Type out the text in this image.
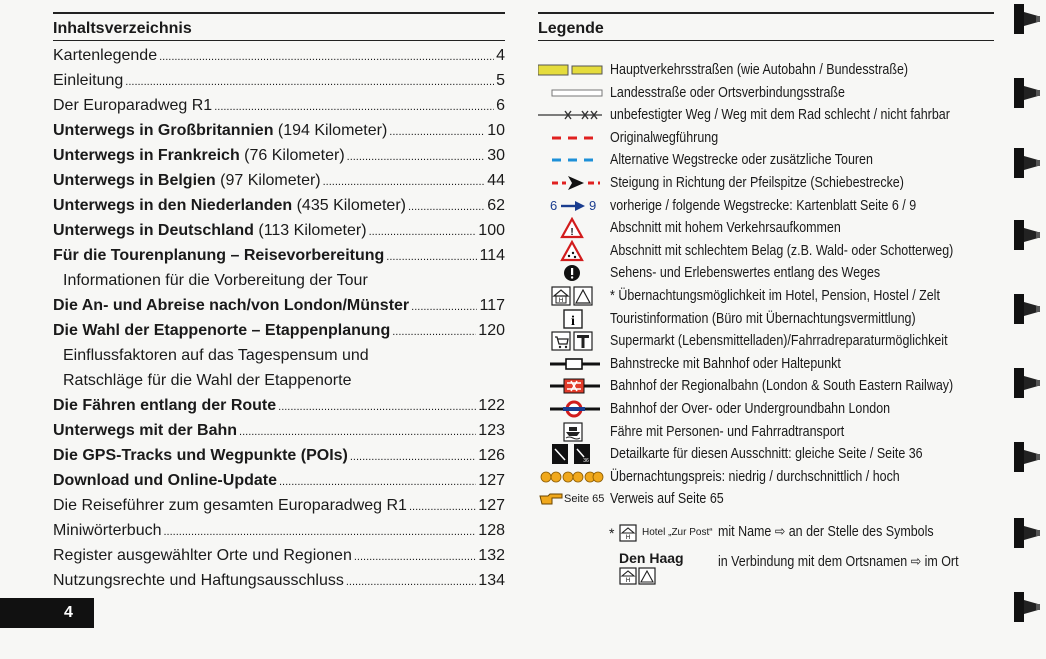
Inhaltsverzeichnis
Kartenlegende .....	4
Einleitung .....	5
Der Europaradweg R1 .....	6
Unterwegs in Großbritannien (194 Kilometer) .....	10
Unterwegs in Frankreich (76 Kilometer) .....	30
Unterwegs in Belgien (97 Kilometer) .....	44
Unterwegs in den Niederlanden (435 Kilometer) .....	62
Unterwegs in Deutschland (113 Kilometer) .....	100
Für die Tourenplanung – Reisevorbereitung .....	114
Informationen für die Vorbereitung der Tour
Die An- und Abreise nach/von London/Münster .....	117
Die Wahl der Etappenorte – Etappenplanung .....	120
Einflussfaktoren auf das Tagespensum und
Ratschläge für die Wahl der Etappenorte
Die Fähren entlang der Route .....	122
Unterwegs mit der Bahn .....	123
Die GPS-Tracks und Wegpunkte (POIs) .....	126
Download und Online-Update .....	127
Die Reiseführer zum gesamten Europaradweg R1 .....	127
Miniwörterbuch .....	128
Register ausgewählter Orte und Regionen .....	132
Nutzungsrechte und Haftungsausschluss .....	134
4
Legende
Hauptverkehrsstraßen (wie Autobahn / Bundesstraße)
Landesstraße oder Ortsverbindungsstraße
unbefestigter Weg / Weg mit dem Rad schlecht / nicht fahrbar
Originalwegführung
Alternative Wegstrecke oder zusätzliche Touren
Steigung in Richtung der Pfeilspitze (Schiebestrecke)
6 9 vorherige / folgende Wegstrecke: Kartenblatt Seite 6 / 9
!	Abschnitt mit hohem Verkehrsaufkommen
Abschnitt mit schlechtem Belag (z.B. Wald- oder Schotterweg)
Sehens- und Erlebenswertes entlang des Weges
H	* Übernachtungsmöglichkeit im Hotel, Pension, Hostel / Zelt
i Touristinformation (Büro mit Übernachtungsvermittlung)
Supermarkt (Lebensmittelladen)/Fahrradreparaturmöglichkeit
Bahnstrecke mit Bahnhof oder Haltepunkt
Bahnhof der Regionalbahn (London & South Eastern Railway)
Bahnhof der Over- oder Undergroundbahn London
Fähre mit Personen- und Fahrradtransport
36 Detailkarte für diesen Ausschnitt: gleiche Seite / Seite 36
Übernachtungspreis: niedrig / durchschnittlich / hoch
Seite 65 Verweis auf Seite 65
* H Hotel „Zur Post“ mit Name ⇨ an der Stelle des Symbols
Den Haag
H
in Verbindung mit dem Ortsnamen ⇨ im Ort
